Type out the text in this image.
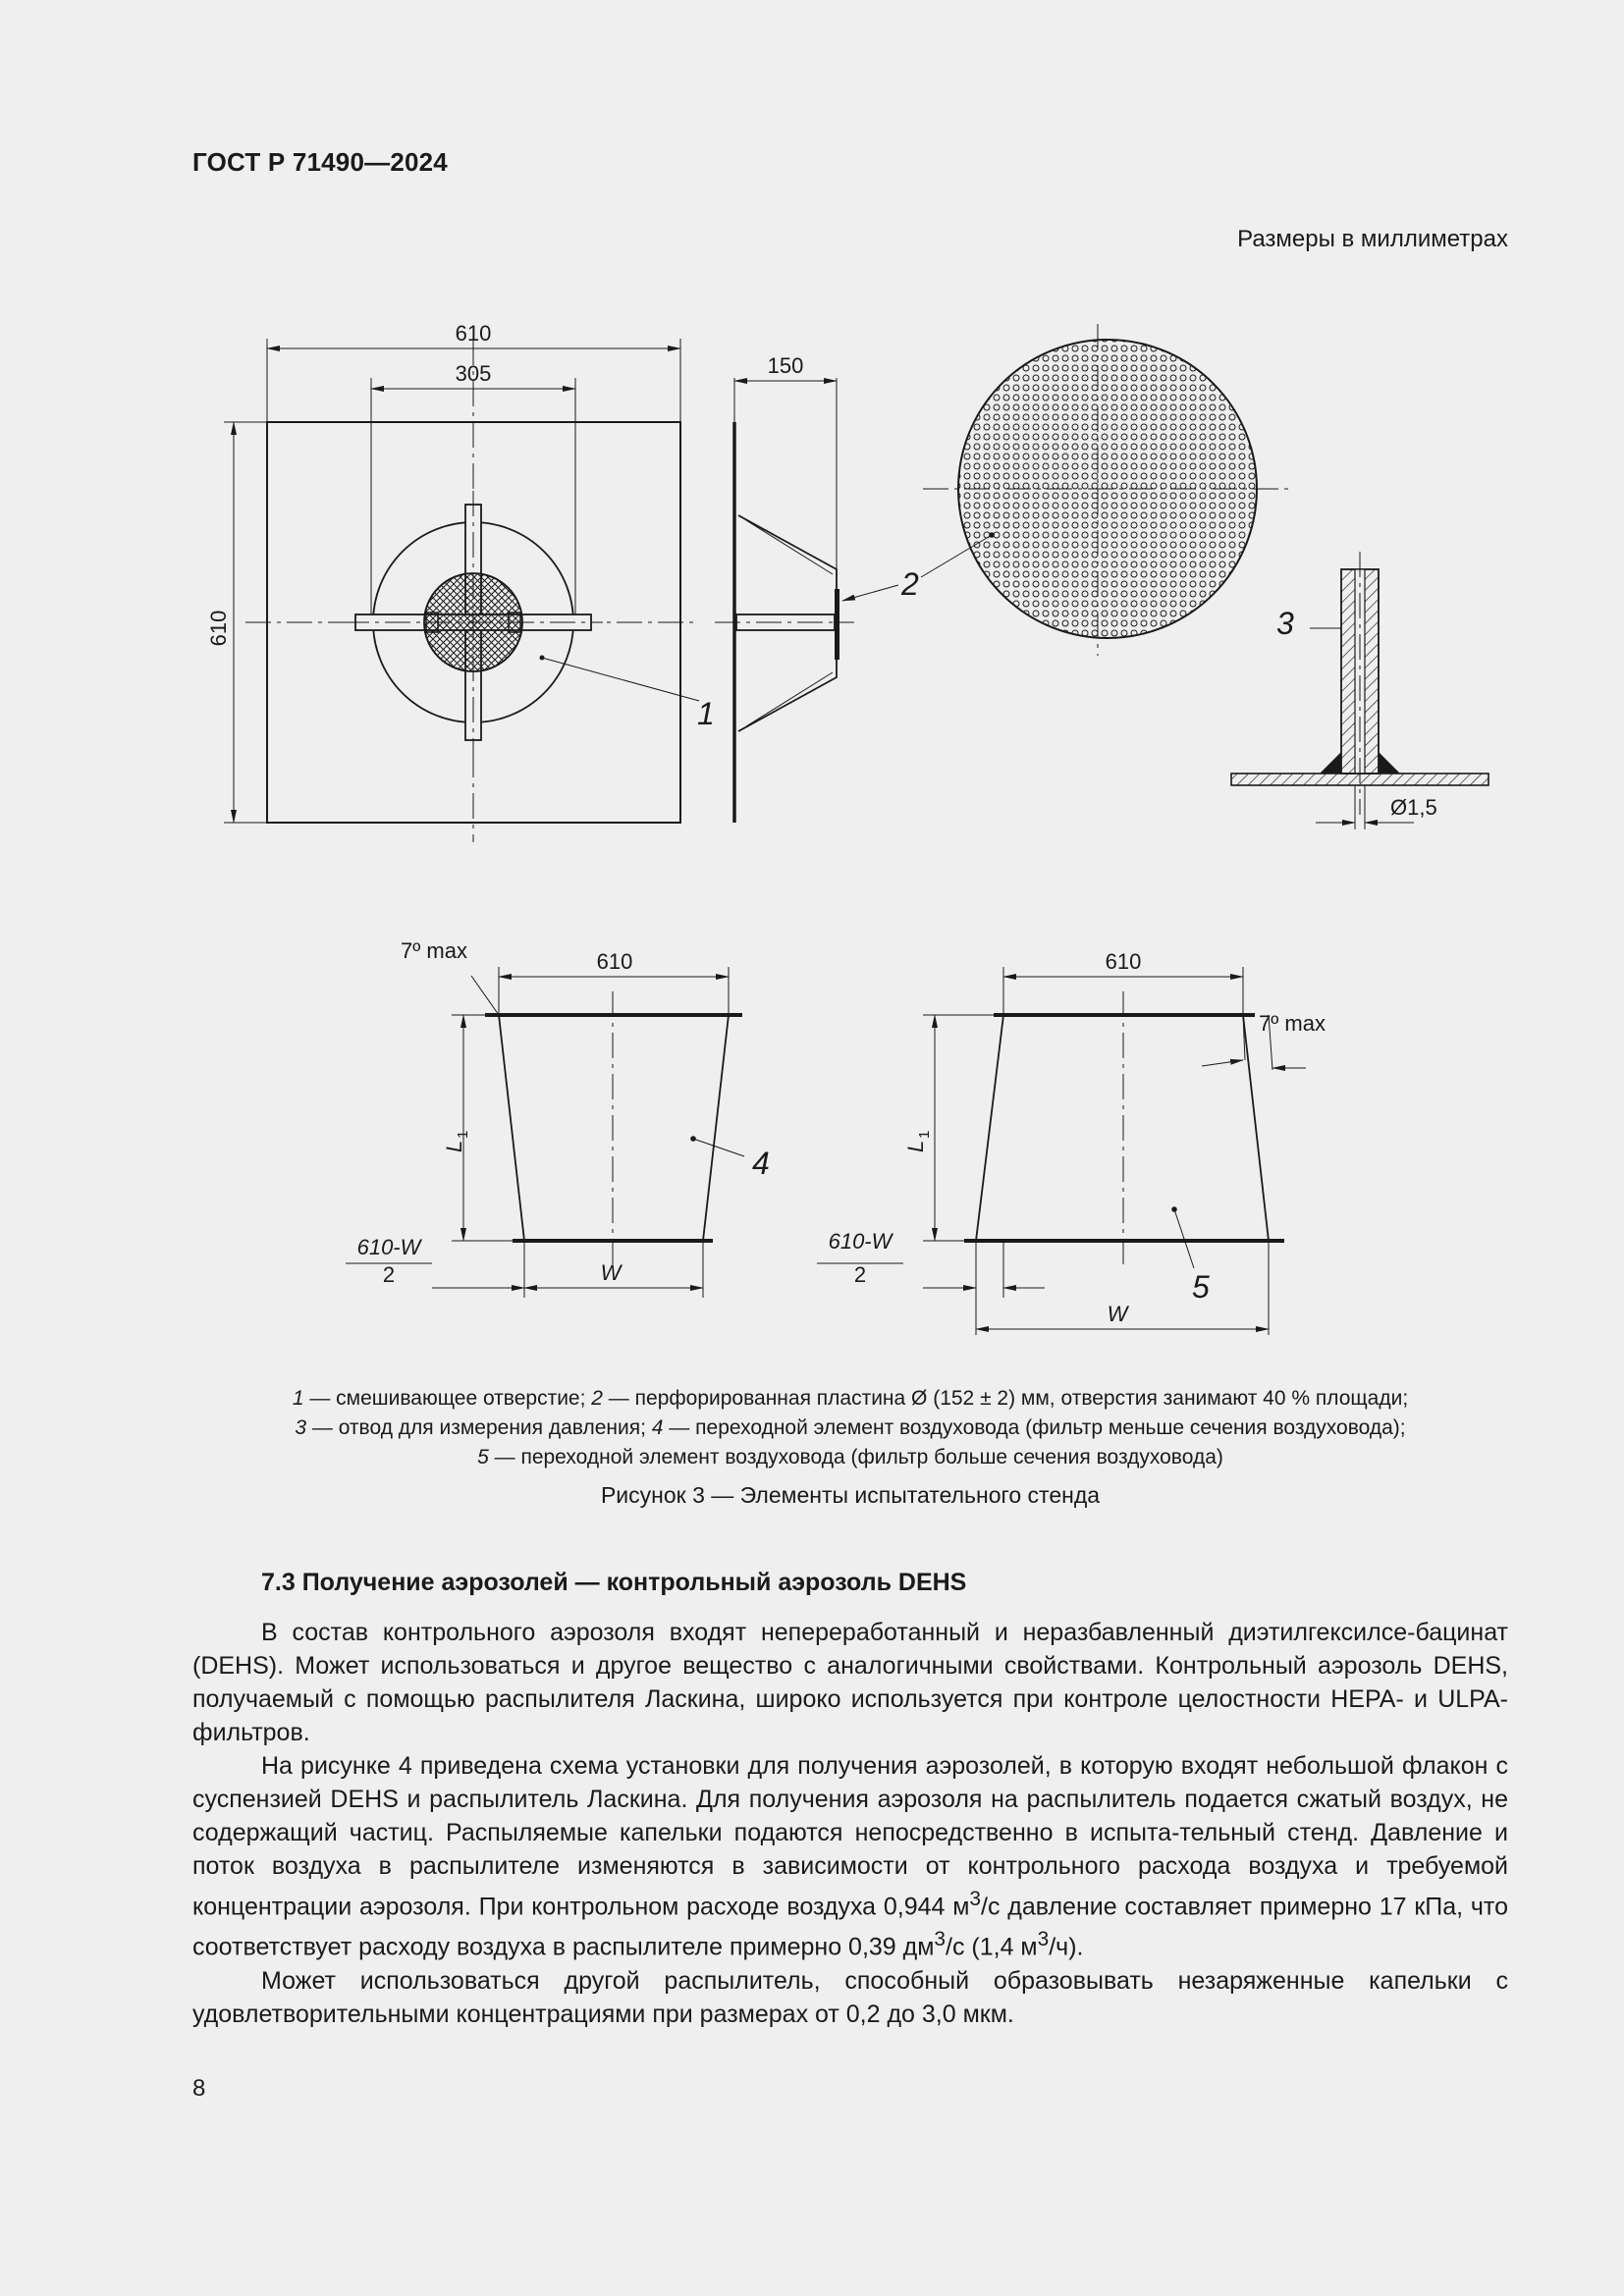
ГОСТ Р 71490—2024
Размеры в миллиметрах
610
305
610
150
Ø1,5
610	610
7º max
7º max
L
1
L
1
610-W
2
610-W
2
W
W
1
2
3
4
5
1 — смешивающее отверстие; 2 — перфорированная пластина Ø (152 ± 2) мм, отверстия занимают 40 % площади;
3 — отвод для измерения давления; 4 — переходной элемент воздуховода (фильтр меньше сечения воздуховода);
5 — переходной элемент воздуховода (фильтр больше сечения воздуховода)
Рисунок 3 — Элементы испытательного стенда
7.3 Получение аэрозолей — контрольный аэрозоль DEHS

В состав контрольного аэрозоля входят непереработанный и неразбавленный диэтилгексилсе-бацинат (DEHS). Может использоваться и другое вещество с аналогичными свойствами. Контрольный аэрозоль DEHS, получаемый с помощью распылителя Ласкина, широко используется при контроле целостности HEPA- и ULPA-фильтров.

На рисунке 4 приведена схема установки для получения аэрозолей, в которую входят небольшой флакон с суспензией DEHS и распылитель Ласкина. Для получения аэрозоля на распылитель подается сжатый воздух, не содержащий частиц. Распыляемые капельки подаются непосредственно в испыта-тельный стенд. Давление и поток воздуха в распылителе изменяются в зависимости от контрольного расхода воздуха и требуемой концентрации аэрозоля. При контрольном расходе воздуха 0,944 $м^3/с$ давление составляет примерно 17 кПа, что соответствует расходу воздуха в распылителе примерно 0,39 $дм^3/с$ (1,4 $м^3/ч$).

Может использоваться другой распылитель, способный образовывать незаряженные капельки с удовлетворительными концентрациями при размерах от 0,2 до 3,0 мкм.

8
